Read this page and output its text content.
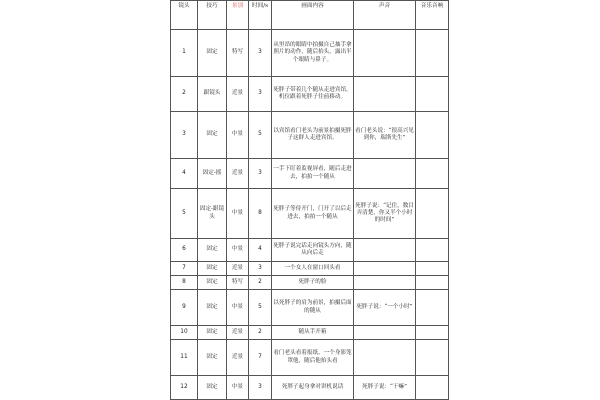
镜头	技巧	景别	时间/s	画面内容	声音	音乐音响
1	固定	特写	3	从里昂的眼睛中拍摄自己抽手拿照片的动作，随后抬头，露出半个眼睛与鼻子。		
2	跟镜头	近景	3	死胖子带着几个随从走进宾馆，机位跟着死胖子往前移动。		
3	固定	中景	5	以宾馆看门老头为前景拍摄死胖子这群人走进宾馆。	看门老头说：“很高兴见到你，瑞斯先生”	
4	固定-摇	近景	3	一手下盯着监视屏看，随后走进去，拍拍一个随从		
5	固定-跟镜头	中景	8	死胖子等侍开门，门开了以后走进去，拍拍一个随从	死胖子说：“记住，数目弄清楚，你又半个小时的时间”	
6	固定	中景	4	死胖子说完话走向镜头方向，随从向后走		
7	固定	近景	3	一个女人在窗口回头看		
8	固定	特写	2	死胖子的脸		
9	固定	中景	5	以死胖子的肩为前景，拍摄后面的随从	死胖子说：“一个小时”	
10	固定	近景	2	随从手开箱		
11	固定	近景	7	看门老头看着报纸，一个身影笼罩他，随后他抬头看		
12	固定	中景	3	死胖子起身拿对讲机说话	死胖子说：“干嘛”	
